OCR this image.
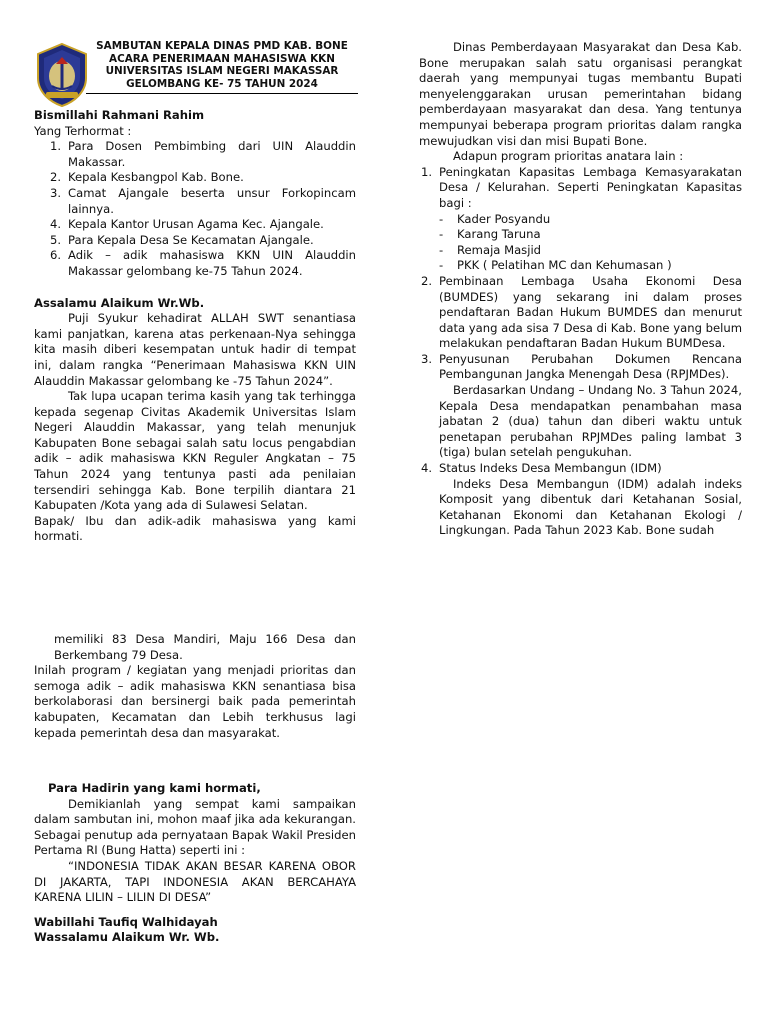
SAMBUTAN KEPALA DINAS PMD KAB. BONE
ACARA PENERIMAAN MAHASISWA KKN
UNIVERSITAS ISLAM NEGERI MAKASSAR
GELOMBANG KE- 75 TAHUN 2024
Bismillahi Rahmani Rahim
Yang Terhormat :
1. Para Dosen Pembimbing dari UIN Alauddin Makassar.
2. Kepala Kesbangpol Kab. Bone.
3. Camat Ajangale beserta unsur Forkopincam lainnya.
4. Kepala Kantor Urusan Agama Kec. Ajangale.
5. Para Kepala Desa Se Kecamatan Ajangale.
6. Adik – adik mahasiswa KKN UIN Alauddin Makassar gelombang ke-75 Tahun 2024.
Assalamu Alaikum Wr.Wb.

Puji Syukur kehadirat ALLAH SWT senantiasa kami panjatkan, karena atas perkenaan-Nya sehingga kita masih diberi kesempatan untuk hadir di tempat ini, dalam rangka “Penerimaan Mahasiswa KKN UIN Alauddin Makassar gelombang ke -75 Tahun 2024”.

Tak lupa ucapan terima kasih yang tak terhingga kepada segenap Civitas Akademik Universitas Islam Negeri Alauddin Makassar, yang telah menunjuk Kabupaten Bone sebagai salah satu locus pengabdian adik – adik mahasiswa KKN Reguler Angkatan – 75 Tahun 2024 yang tentunya pasti ada penilaian tersendiri sehingga Kab. Bone terpilih diantara 21 Kabupaten /Kota yang ada di Sulawesi Selatan.

Bapak/ Ibu dan adik-adik mahasiswa yang kami hormati.

memiliki 83 Desa Mandiri, Maju 166 Desa dan Berkembang 79 Desa.

Inilah program / kegiatan yang menjadi prioritas dan semoga adik – adik mahasiswa KKN senantiasa bisa berkolaborasi dan bersinergi baik pada pemerintah kabupaten, Kecamatan dan Lebih terkhusus lagi kepada pemerintah desa dan masyarakat.

Para Hadirin yang kami hormati,

Demikianlah yang sempat kami sampaikan dalam sambutan ini, mohon maaf jika ada kekurangan. Sebagai penutup ada pernyataan Bapak Wakil Presiden Pertama RI (Bung Hatta) seperti ini :

“INDONESIA TIDAK AKAN BESAR KARENA OBOR DI JAKARTA, TAPI INDONESIA AKAN BERCAHAYA KARENA LILIN – LILIN DI DESA”

Wabillahi Taufiq Walhidayah
Wassalamu Alaikum Wr. Wb.

Dinas Pemberdayaan Masyarakat dan Desa Kab. Bone merupakan salah satu organisasi perangkat daerah yang mempunyai tugas membantu Bupati menyelenggarakan urusan pemerintahan bidang pemberdayaan masyarakat dan desa. Yang tentunya mempunyai beberapa program prioritas dalam rangka mewujudkan visi dan misi Bupati Bone.

Adapun program prioritas anatara lain :

1. Peningkatan Kapasitas Lembaga Kemasyarakatan Desa / Kelurahan. Seperti Peningkatan Kapasitas bagi :
- Kader Posyandu
- Karang Taruna
- Remaja Masjid
- PKK ( Pelatihan MC dan Kehumasan )
2. Pembinaan Lembaga Usaha Ekonomi Desa (BUMDES) yang sekarang ini dalam proses pendaftaran Badan Hukum BUMDES dan menurut data yang ada sisa 7 Desa di Kab. Bone yang belum melakukan pendaftaran Badan Hukum BUMDesa.
3. Penyusunan Perubahan Dokumen Rencana Pembangunan Jangka Menengah Desa (RPJMDes).

Berdasarkan Undang – Undang No. 3 Tahun 2024, Kepala Desa mendapatkan penambahan masa jabatan 2 (dua) tahun dan diberi waktu untuk penetapan perubahan RPJMDes paling lambat 3 (tiga) bulan setelah pengukuhan.

4. Status Indeks Desa Membangun (IDM)

Indeks Desa Membangun (IDM) adalah indeks Komposit yang dibentuk dari Ketahanan Sosial, Ketahanan Ekonomi dan Ketahanan Ekologi / Lingkungan. Pada Tahun 2023 Kab. Bone sudah
